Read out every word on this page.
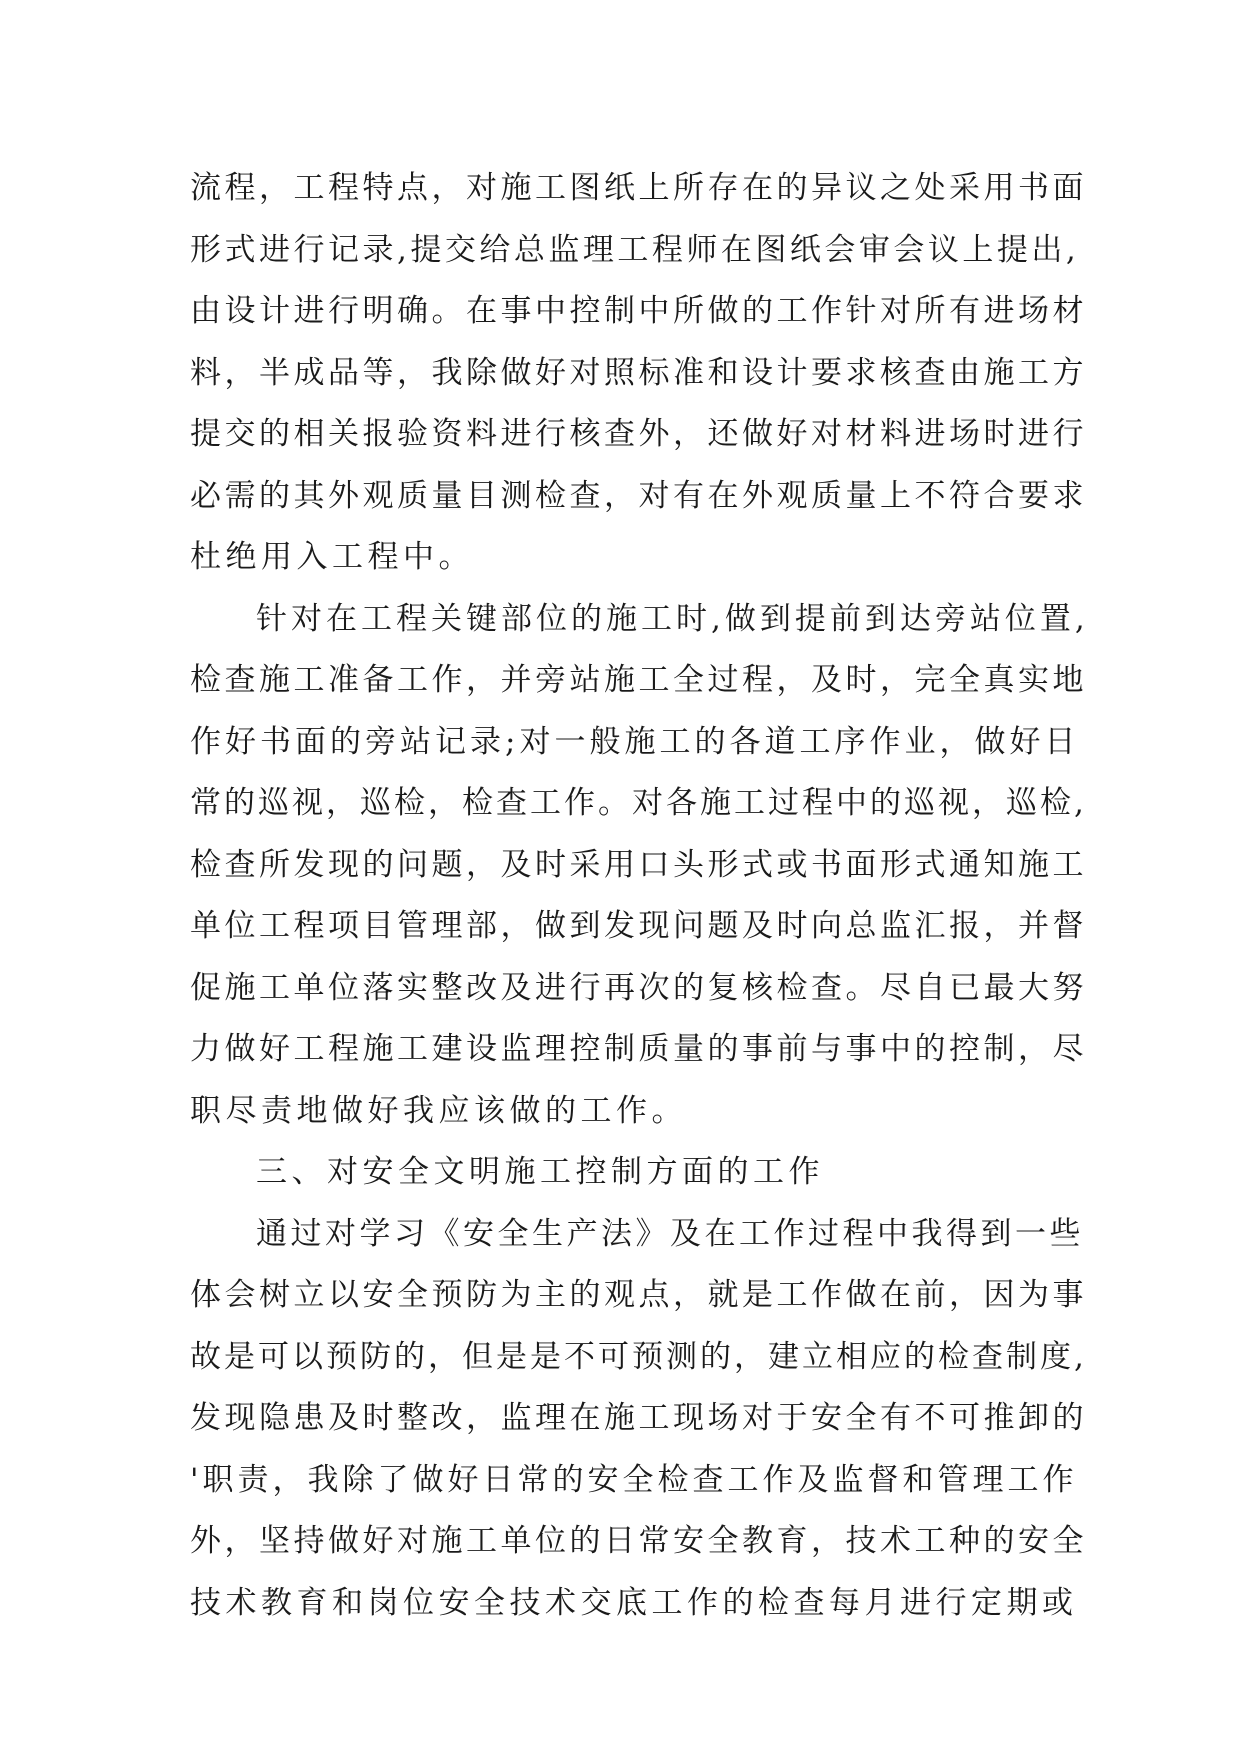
流程，工程特点，对施工图纸上所存在的异议之处采用书面
形式进行记录,提交给总监理工程师在图纸会审会议上提出,
由设计进行明确。在事中控制中所做的工作针对所有进场材
料，半成品等，我除做好对照标准和设计要求核查由施工方
提交的相关报验资料进行核查外，还做好对材料进场时进行
必需的其外观质量目测检查，对有在外观质量上不符合要求
杜绝用入工程中。
针对在工程关键部位的施工时,做到提前到达旁站位置,
检查施工准备工作，并旁站施工全过程，及时，完全真实地
作好书面的旁站记录;对一般施工的各道工序作业，做好日
常的巡视，巡检，检查工作。对各施工过程中的巡视，巡检,
检查所发现的问题，及时采用口头形式或书面形式通知施工
单位工程项目管理部，做到发现问题及时向总监汇报，并督
促施工单位落实整改及进行再次的复核检查。尽自已最大努
力做好工程施工建设监理控制质量的事前与事中的控制，尽
职尽责地做好我应该做的工作。
三、对安全文明施工控制方面的工作
通过对学习《安全生产法》及在工作过程中我得到一些
体会树立以安全预防为主的观点，就是工作做在前，因为事
故是可以预防的，但是是不可预测的，建立相应的检查制度,
发现隐患及时整改，监理在施工现场对于安全有不可推卸的
'职责，我除了做好日常的安全检查工作及监督和管理工作
外，坚持做好对施工单位的日常安全教育，技术工种的安全
技术教育和岗位安全技术交底工作的检查每月进行定期或
